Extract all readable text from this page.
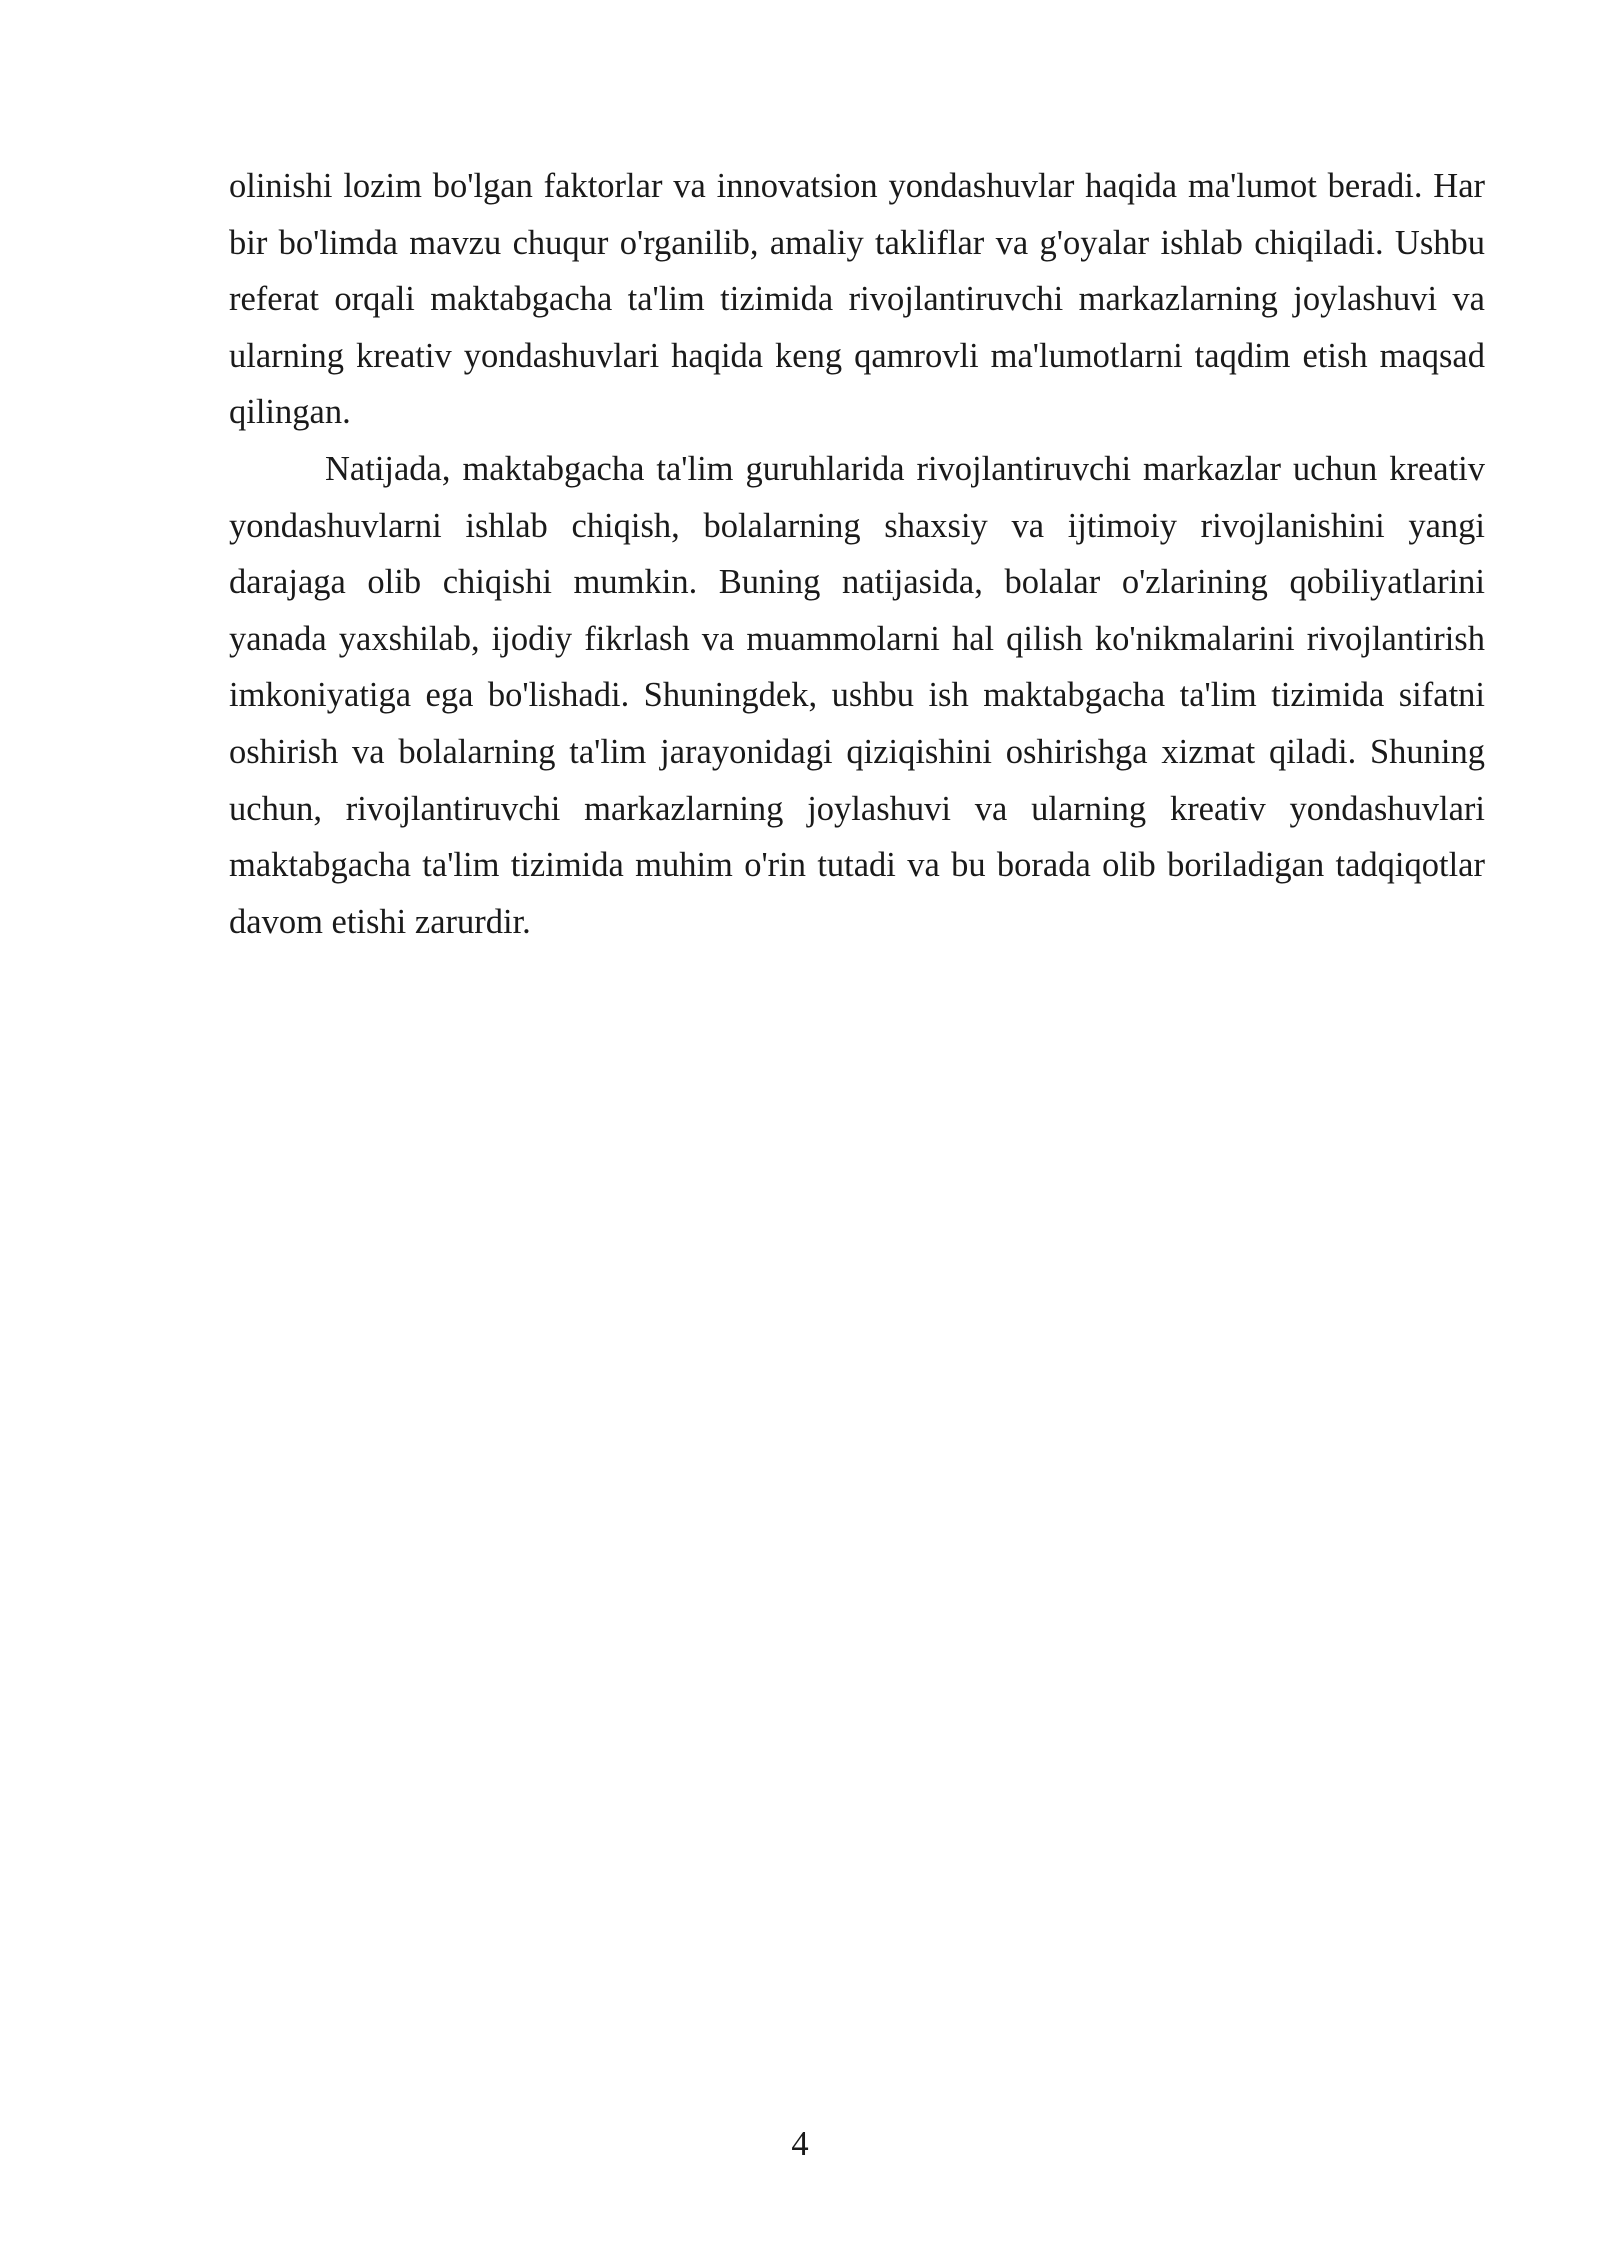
olinishi lozim bo'lgan faktorlar va innovatsion yondashuvlar haqida ma'lumot beradi. Har bir bo'limda mavzu chuqur o'rganilib, amaliy takliflar va g'oyalar ishlab chiqiladi. Ushbu referat orqali maktabgacha ta'lim tizimida rivojlantiruvchi markazlarning joylashuvi va ularning kreativ yondashuvlari haqida keng qamrovli ma'lumotlarni taqdim etish maqsad qilingan.

Natijada, maktabgacha ta'lim guruhlarida rivojlantiruvchi markazlar uchun kreativ yondashuvlarni ishlab chiqish, bolalarning shaxsiy va ijtimoiy rivojlanishini yangi darajaga olib chiqishi mumkin. Buning natijasida, bolalar o'zlarining qobiliyatlarini yanada yaxshilab, ijodiy fikrlash va muammolarni hal qilish ko'nikmalarini rivojlantirish imkoniyatiga ega bo'lishadi. Shuningdek, ushbu ish maktabgacha ta'lim tizimida sifatni oshirish va bolalarning ta'lim jarayonidagi qiziqishini oshirishga xizmat qiladi. Shuning uchun, rivojlantiruvchi markazlarning joylashuvi va ularning kreativ yondashuvlari maktabgacha ta'lim tizimida muhim o'rin tutadi va bu borada olib boriladigan tadqiqotlar davom etishi zarurdir.

4
